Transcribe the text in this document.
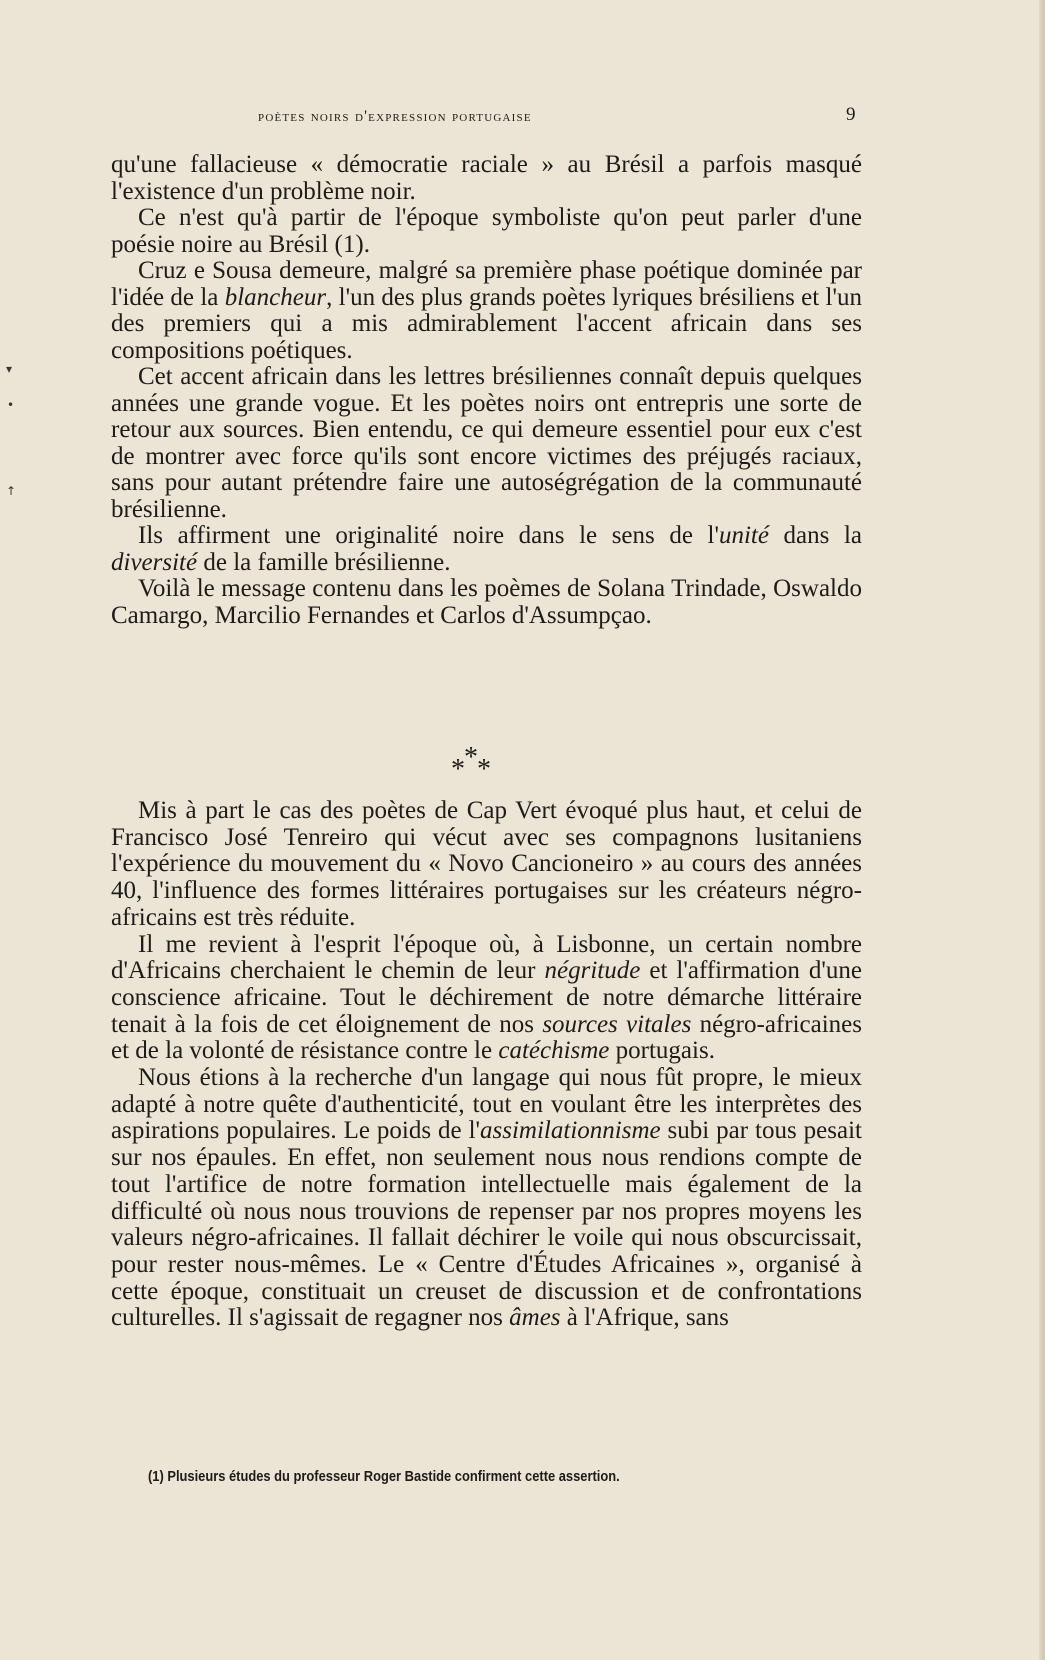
▾
•
↑
poètes noirs d'expression portugaise	9

qu'une fallacieuse « démocratie raciale » au Brésil a parfois masqué l'existence d'un problème noir.

Ce n'est qu'à partir de l'époque symboliste qu'on peut parler d'une poésie noire au Brésil (1).

Cruz e Sousa demeure, malgré sa première phase poétique dominée par l'idée de la blancheur, l'un des plus grands poètes lyriques brésiliens et l'un des premiers qui a mis admirablement l'accent africain dans ses compositions poétiques.

Cet accent africain dans les lettres brésiliennes connaît depuis quelques années une grande vogue. Et les poètes noirs ont entrepris une sorte de retour aux sources. Bien entendu, ce qui demeure essentiel pour eux c'est de montrer avec force qu'ils sont encore victimes des préjugés raciaux, sans pour autant prétendre faire une autoségrégation de la communauté brésilienne.

Ils affirment une originalité noire dans le sens de l'unité dans la diversité de la famille brésilienne.

Voilà le message contenu dans les poèmes de Solana Trindade, Oswaldo Camargo, Marcilio Fernandes et Carlos d'Assumpçao.

*
* *

Mis à part le cas des poètes de Cap Vert évoqué plus haut, et celui de Francisco José Tenreiro qui vécut avec ses compagnons lusitaniens l'expérience du mouvement du « Novo Cancioneiro » au cours des années 40, l'influence des formes littéraires portugaises sur les créateurs négro-africains est très réduite.

Il me revient à l'esprit l'époque où, à Lisbonne, un certain nombre d'Africains cherchaient le chemin de leur négritude et l'affirmation d'une conscience africaine. Tout le déchirement de notre démarche littéraire tenait à la fois de cet éloignement de nos sources vitales négro-africaines et de la volonté de résistance contre le catéchisme portugais.

Nous étions à la recherche d'un langage qui nous fût propre, le mieux adapté à notre quête d'authenticité, tout en voulant être les interprètes des aspirations populaires. Le poids de l'assimilationnisme subi par tous pesait sur nos épaules. En effet, non seulement nous nous rendions compte de tout l'artifice de notre formation intellectuelle mais également de la difficulté où nous nous trouvions de repenser par nos propres moyens les valeurs négro-africaines. Il fallait déchirer le voile qui nous obscurcissait, pour rester nous-mêmes. Le « Centre d'Études Africaines », organisé à cette époque, constituait un creuset de discussion et de confrontations culturelles. Il s'agissait de regagner nos âmes à l'Afrique, sans

(1) Plusieurs études du professeur Roger Bastide confirment cette assertion.
